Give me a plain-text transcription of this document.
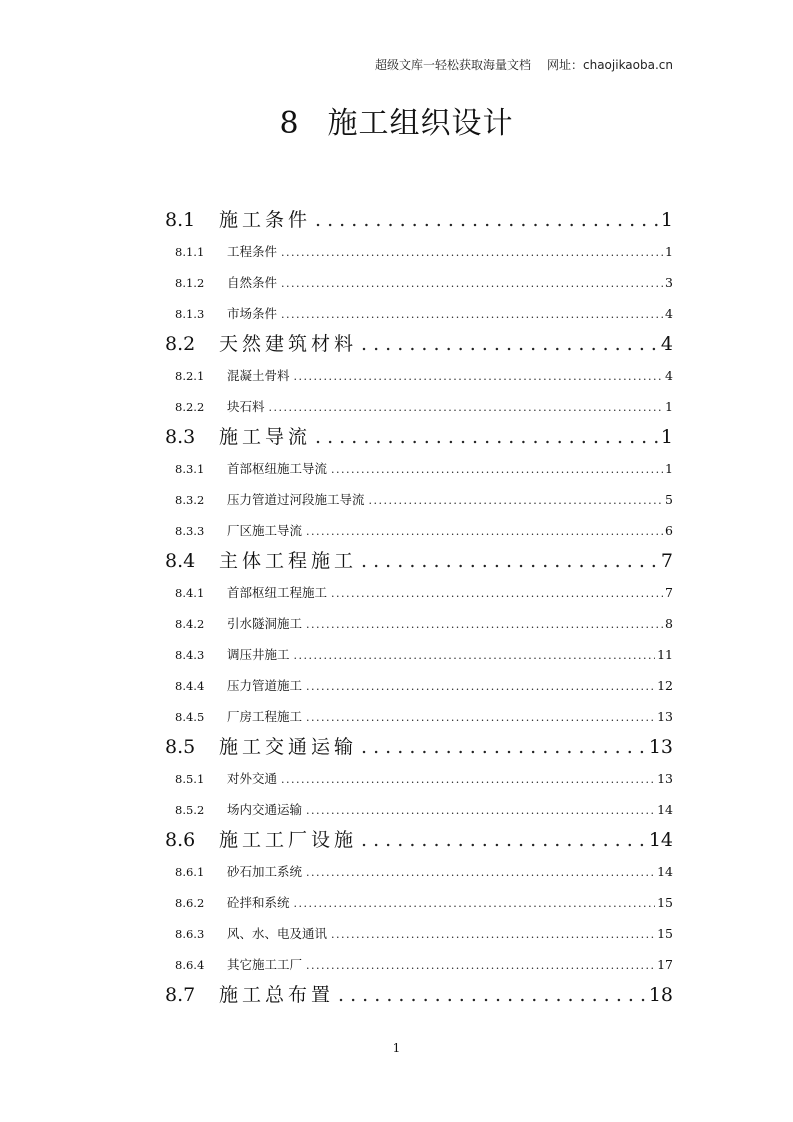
超级文库一轻松获取海量文档 网址：chaojikaoba.cn
8 施工组织设计
8.1 施工条件 . . .	1
8.1.1 工程条件 . . .	1
8.1.2 自然条件 . . .	3
8.1.3 市场条件 . . .	4
8.2 天然建筑材料 . . .	4
8.2.1 混凝土骨料 . . .	4
8.2.2 块石料 . . .	1
8.3 施工导流 . . .	1
8.3.1 首部枢纽施工导流 . . .	1
8.3.2 压力管道过河段施工导流 . . .	5
8.3.3 厂区施工导流 . . .	6
8.4 主体工程施工 . . .	7
8.4.1 首部枢纽工程施工 . . .	7
8.4.2 引水隧洞施工 . . .	8
8.4.3 调压井施工 . . .	11
8.4.4 压力管道施工 . . .	12
8.4.5 厂房工程施工 . . .	13
8.5 施工交通运输 . . .	13
8.5.1 对外交通 . . .	13
8.5.2 场内交通运输 . . .	14
8.6 施工工厂设施 . . .	14
8.6.1 砂石加工系统 . . .	14
8.6.2 砼拌和系统 . . .	15
8.6.3 风、水、电及通讯 . . .	15
8.6.4 其它施工工厂 . . .	17
8.7 施工总布置 . . .	18
1
